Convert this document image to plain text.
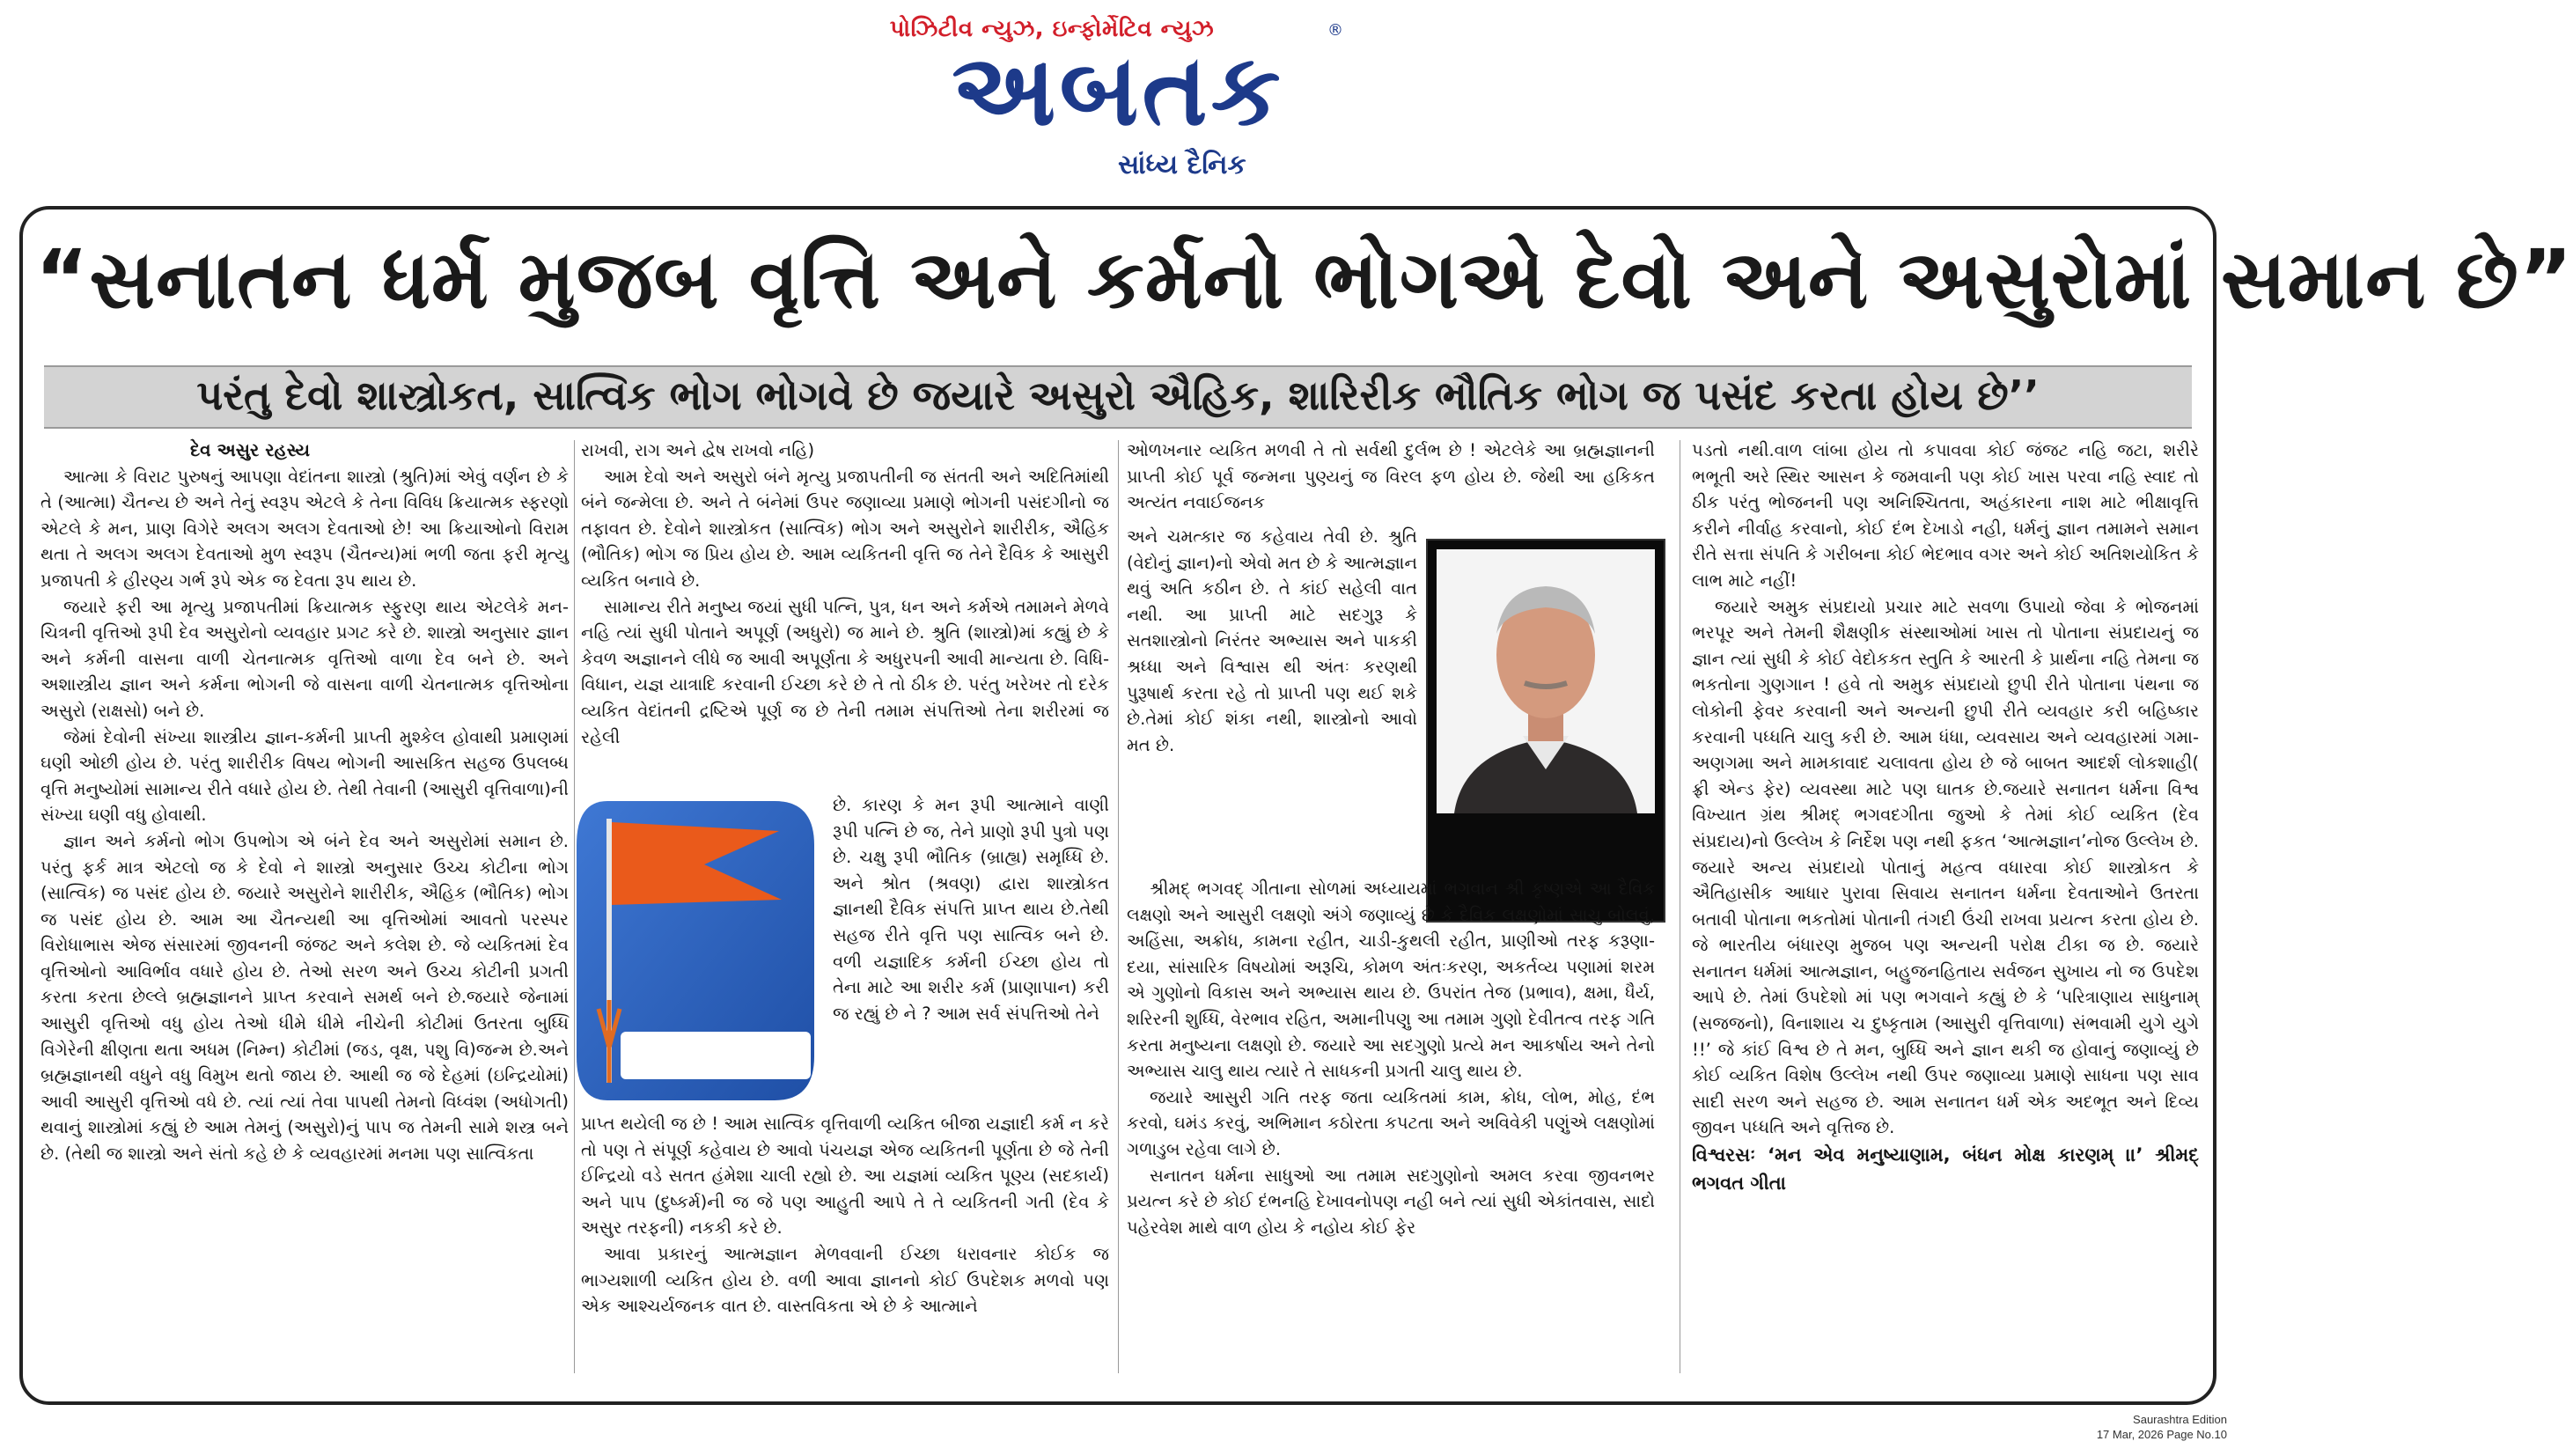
પોઝિટીવ ન્યુઝ, ઇન્ફોર્મેટિવ ન્યુઝ
અબતક
®
સાંધ્ય દૈનિક
“સનાતન ધર્મ મુજબ વૃત્તિ અને કર્મનો ભોગએ દેવો અને અસુરોમાં સમાન છે”
પરંતુ દેવો શાસ્ત્રોકત, સાત્વિક ભોગ ભોગવે છે જયારે અસુરો ઐહિક, શારિરીક ભૌતિક ભોગ જ પસંદ કરતા હોય છે’’

દેવ અસુર રહસ્ય

આત્મા કે વિરાટ પુરુષનું આપણા વેદાંતના શાસ્ત્રો (શ્રુતિ)માં એવું વર્ણન છે કે તે (આત્મા) ચૈતન્ય છે અને તેનું સ્વરૂપ એટલે કે તેના વિવિધ ક્રિયાત્મક સ્ફરણો એટલે કે મન, પ્રાણ વિગેરે અલગ અલગ દેવતાઓ છે! આ ક્રિયાઓનો વિરામ થતા તે અલગ અલગ દેવતાઓ મુળ સ્વરૂપ (ચૈતન્ય)માં ભળી જતા ફરી મૃત્યુ પ્રજાપતી કે હીરણ્ય ગર્ભ રૂપે એક જ દેવતા રૂપ થાય છે.

જયારે ફરી આ મૃત્યુ પ્રજાપતીમાં ક્રિયાત્મક સ્ફુરણ થાય એટલેકે મન-ચિત્રની વૃત્તિઓ રૂપી દેવ અસુરોનો વ્યવહાર પ્રગટ કરે છે. શાસ્ત્રો અનુસાર જ્ઞાન અને કર્મની વાસના વાળી ચેતનાત્મક વૃત્તિઓ વાળા દેવ બને છે. અને અશાસ્ત્રીય જ્ઞાન અને કર્મના ભોગની જે વાસના વાળી ચેતનાત્મક વૃત્તિઓના અસુરો (રાક્ષસો) બને છે.

જેમાં દેવોની સંખ્યા શાસ્ત્રીય જ્ઞાન-કર્મની પ્રાપ્તી મુશ્કેલ હોવાથી પ્રમાણમાં ઘણી ઓછી હોય છે. પરંતુ શારીરીક વિષય ભોગની આસકિત સહજ ઉપલબ્ધ વૃત્તિ મનુષ્યોમાં સામાન્ય રીતે વધારે હોય છે. તેથી તેવાની (આસુરી વૃત્તિવાળા)ની સંખ્યા ઘણી વધુ હોવાથી.

જ્ઞાન અને કર્મનો ભોગ ઉપભોગ એ બંને દેવ અને અસુરોમાં સમાન છે. પરંતુ ફર્ક માત્ર એટલો જ કે દેવો ને શાસ્ત્રો અનુસાર ઉચ્ચ કોટીના ભોગ (સાત્વિક) જ પસંદ હોય છે. જયારે અસુરોને શારીરીક, ઐહિક (ભૌતિક) ભોગ જ પસંદ હોય છે. આમ આ ચૈતન્યથી આ વૃત્તિઓમાં આવતો પરસ્પર વિરોધાભાસ એજ સંસારમાં જીવનની જંજટ અને કલેશ છે. જે વ્યકિતમાં દેવ વૃત્તિઓનો આવિર્ભાવ વધારે હોય છે. તેઓ સરળ અને ઉચ્ચ કોટીની પ્રગતી કરતા કરતા છેલ્લે બ્રહ્મજ્ઞાનને પ્રાપ્ત કરવાને સમર્થ બને છે.જયારે જેનામાં આસુરી વૃત્તિઓ વધુ હોય તેઓ ધીમે ધીમે નીચેની કોટીમાં ઉતરતા બુધ્ધિ વિગેરેની ક્ષીણતા થતા અધમ (નિમ્ન) કોટીમાં (જડ, વૃક્ષ, પશુ વિ)જન્મ છે.અને બ્રહ્મજ્ઞાનથી વધુને વધુ વિમુખ થતો જાય છે. આથી જ જે દેહમાં (ઇન્દ્રિયોમાં) આવી આસુરી વૃત્તિઓ વધે છે. ત્યાં ત્યાં તેવા પાપથી તેમનો વિધ્વંશ (અધોગતી) થવાનું શાસ્ત્રોમાં કહ્યું છે આમ તેમનું (અસુરો)નું પાપ જ તેમની સામે શસ્ત્ર બને છે. (તેથી જ શાસ્ત્રો અને સંતો કહે છે કે વ્યવહારમાં મનમા પણ સાત્વિકતા

રાખવી, રાગ અને દ્વેષ રાખવો નહિ)

આમ દેવો અને અસુરો બંને મૃત્યુ પ્રજાપતીની જ સંતતી અને અદિતિમાંથી બંને જન્મેલા છે. અને તે બંનેમાં ઉપર જણાવ્યા પ્રમાણે ભોગની પસંદગીનો જ તફાવત છે. દેવોને શાસ્ત્રોકત (સાત્વિક) ભોગ અને અસુરોને શારીરીક, ઐહિક (ભૌતિક) ભોગ જ પ્રિય હોય છે. આમ વ્યકિતની વૃત્તિ જ તેને દૈવિક કે આસુરી વ્યકિત બનાવે છે.

સામાન્ય રીતે મનુષ્ય જયાં સુધી પત્નિ, પુત્ર, ધન અને કર્મએ તમામને મેળવે નહિ ત્યાં સુધી પોતાને અપૂર્ણ (અધુરો) જ માને છે. શ્રુતિ (શાસ્ત્રો)માં કહ્યું છે કે કેવળ અજ્ઞાનને લીધે જ આવી અપૂર્ણતા કે અધુરપની આવી માન્યતા છે. વિધિ-વિધાન, યજ્ઞ યાત્રાદિ કરવાની ઈચ્છા કરે છે તે તો ઠીક છે. પરંતુ ખરેખર તો દરેક વ્યકિત વેદાંતની દ્રષ્ટિએ પૂર્ણ જ છે તેની તમામ સંપત્તિઓ તેના શરીરમાં જ રહેલી

છે. કારણ કે મન રૂપી આત્માને વાણી રૂપી પત્નિ છે જ, તેને પ્રાણો રૂપી પુત્રો પણ છે. ચક્ષુ રૂપી ભૌતિક (બ્રાહ્ય) સમૃધ્ધિ છે. અને શ્રોત (શ્રવણ) દ્વારા શાસ્ત્રોકત જ્ઞાનથી દૈવિક સંપત્તિ પ્રાપ્ત થાય છે.તેથી સહજ રીતે વૃત્તિ પણ સાત્વિક બને છે. વળી યજ્ઞાદિક કર્મની ઈચ્છા હોય તો તેના માટે આ શરીર કર્મ (પ્રાણાપાન) કરી જ રહ્યું છે ને ? આમ સર્વ સંપત્તિઓ તેને

પ્રાપ્ત થયેલી જ છે ! આમ સાત્વિક વૃત્તિવાળી વ્યકિત બીજા યજ્ઞાદી કર્મ ન કરે તો પણ તે સંપૂર્ણ કહેવાય છે આવો પંચયજ્ઞ એજ વ્યકિતની પૂર્ણતા છે જે તેની ઈન્દ્રિયો વડે સતત હંમેશા ચાલી રહ્યો છે. આ યજ્ઞમાં વ્યકિત પૂણ્ય (સદકાર્ય) અને પાપ (દુષ્કર્મ)ની જ જે પણ આહુતી આપે તે તે વ્યકિતની ગતી (દેવ કે અસુર તરફની) નકકી કરે છે.

આવા પ્રકારનું આત્મજ્ઞાન મેળવવાની ઈચ્છા ધરાવનાર કોઈક જ ભાગ્યશાળી વ્યકિત હોય છે. વળી આવા જ્ઞાનનો કોઈ ઉપદેશક મળવો પણ એક આશ્ચર્યજનક વાત છે. વાસ્તવિકતા એ છે કે આત્માને

ઓળખનાર વ્યકિત મળવી તે તો સર્વથી દુર્લભ છે ! એટલેકે આ બ્રહ્મજ્ઞાનની પ્રાપ્તી કોઈ પૂર્વ જન્મના પુણ્યનું જ વિરલ ફળ હોય છે. જેથી આ હકિકત અત્યંત નવાઈજનક

અને ચમત્કાર જ કહેવાય તેવી છે. શ્રુતિ (વેદોનું જ્ઞાન)નો એવો મત છે કે આત્મજ્ઞાન થવું અતિ કઠીન છે. તે કાંઈ સહેલી વાત નથી. આ પ્રાપ્તી માટે સદગુરૂ કે સતશાસ્ત્રોનો નિરંતર અભ્યાસ અને પાકકી શ્રધ્ધા અને વિશ્વાસ થી અંતઃ કરણથી પુરૂષાર્થ કરતા રહે તો પ્રાપ્તી પણ થઈ શકે છે.તેમાં કોઈ શંકા નથી, શાસ્ત્રોનો આવો મત છે.

શ્રીમદ્ ભગવદ્ ગીતાના સોળમાં અધ્યાયમાં ભગવાન શ્રી કૃષ્ણએ આ દૈવિક લક્ષણો અને આસુરી લક્ષણો અંગે જણાવ્યું છે કે દૈવિક લક્ષણોમાં સાચુ બોલવું, અહિંસા, અક્રોધ, કામના રહીત, ચાડી-કુથલી રહીત, પ્રાણીઓ તરફ કરૂણા-દયા, સાંસારિક વિષયોમાં અરૂચિ, કોમળ અંતઃકરણ, અકર્તવ્ય પણામાં શરમ એ ગુણોનો વિકાસ અને અભ્યાસ થાય છે. ઉપરાંત તેજ (પ્રભાવ), ક્ષમા, ધૈર્ય, શરિરની શુધ્ધિ, વેરભાવ રહિત, અમાનીપણુ આ તમામ ગુણો દેવીતત્વ તરફ ગતિ કરતા મનુષ્યના લક્ષણો છે. જયારે આ સદગુણો પ્રત્યે મન આકર્ષાય અને તેનો અભ્યાસ ચાલુ થાય ત્યારે તે સાધકની પ્રગતી ચાલુ થાય છે.

જયારે આસુરી ગતિ તરફ જતા વ્યકિતમાં કામ, ક્રોધ, લોભ, મોહ, દંભ કરવો, ઘમંડ કરવું, અભિમાન કઠોરતા કપટતા અને અવિવેકી પણુંએ લક્ષણોમાં ગળાડુબ રહેવા લાગે છે.

સનાતન ધર્મના સાધુઓ આ તમામ સદગુણોનો અમલ કરવા જીવનભર પ્રયત્ન કરે છે કોઈ દંભનહિ દેખાવનોપણ નહી બને ત્યાં સુધી એકાંતવાસ, સાદો પહેરવેશ માથે વાળ હોય કે નહોય કોઈ ફેર

પડતો નથી.વાળ લાંબા હોય તો કપાવવા કોઈ જંજટ નહિ જટા, શરીરે ભભૂતી અરે સ્થિર આસન કે જમવાની પણ કોઈ ખાસ પરવા નહિ સ્વાદ તો ઠીક પરંતુ ભોજનની પણ અનિશ્ચિતતા, અહંકારના નાશ માટે ભીક્ષાવૃત્તિ કરીને નીર્વાહ કરવાનો, કોઈ દંભ દેખાડો નહી, ધર્મનું જ્ઞાન તમામને સમાન રીતે સત્તા સંપતિ કે ગરીબના કોઈ ભેદભાવ વગર અને કોઈ અતિશયોકિત કે લાભ માટે નહીં!

જયારે અમુક સંપ્રદાયો પ્રચાર માટે સવળા ઉપાયો જેવા કે ભોજનમાં ભરપૂર અને તેમની શૈક્ષણીક સંસ્થાઓમાં ખાસ તો પોતાના સંપ્રદાયનું જ જ્ઞાન ત્યાં સુધી કે કોઈ વેદોકકત સ્તુતિ કે આરતી કે પ્રાર્થના નહિ તેમના જ ભકતોના ગુણગાન ! હવે તો અમુક સંપ્રદાયો છુપી રીતે પોતાના પંથના જ લોકોની ફેવર કરવાની અને અન્યની છુપી રીતે વ્યવહાર કરી બહિષ્કાર કરવાની પધ્ધતિ ચાલુ કરી છે. આમ ધંધા, વ્યવસાય અને વ્યવહારમાં ગમા-અણગમા અને મામકાવાદ ચલાવતા હોય છે જે બાબત આદર્શ લોકશાહી( ફ્રી એન્ડ ફેર) વ્યવસ્થા માટે પણ ઘાતક છે.જયારે સનાતન ધર્મના વિશ્વ વિખ્યાત ગ્રંથ શ્રીમદ્ ભગવદગીતા જુઓ કે તેમાં કોઈ વ્યકિત (દેવ સંપ્રદાય)નો ઉલ્લેખ કે નિર્દેશ પણ નથી ફકત ‘આત્મજ્ઞાન’નોજ ઉલ્લેખ છે. જયારે અન્ય સંપ્રદાયો પોતાનું મહત્વ વધારવા કોઈ શાસ્ત્રોકત કે ઐતિહાસીક આધાર પુરાવા સિવાય સનાતન ધર્મના દેવતાઓને ઉતરતા બતાવી પોતાના ભકતોમાં પોતાની તંગદી ઉંચી રાખવા પ્રયત્ન કરતા હોય છે. જે ભારતીય બંધારણ મુજબ પણ અન્યની પરોક્ષ ટીકા જ છે. જયારે સનાતન ધર્મમાં આત્મજ્ઞાન, બહુજનહિતાય સર્વજન સુખાય નો જ ઉપદેશ આપે છે. તેમાં ઉપદેશો માં પણ ભગવાને કહ્યું છે કે ‘પરિત્રાણાય સાધુનામ્ (સજજનો), વિનાશાય ચ દુષ્કૃતામ (આસુરી વૃત્તિવાળા) સંભવામી યુગે યુગે !!’ જે કાંઈ વિશ્વ છે તે મન, બુધ્ધિ અને જ્ઞાન થકી જ હોવાનું જણાવ્યું છે કોઈ વ્યકિત વિશેષ ઉલ્લેખ નથી ઉપર જણાવ્યા પ્રમાણે સાધના પણ સાવ સાદી સરળ અને સહજ છે. આમ સનાતન ધર્મ એક અદભૂત અને દિવ્ય જીવન પધ્ધતિ અને વૃત્તિજ છે.

વિશ્વરસઃ ‘મન એવ મનુષ્યાણામ, બંધન મોક્ષ કારણમ્ ।।’ શ્રીમદ્ ભગવત ગીતા

Saurashtra Edition
17 Mar, 2026 Page No.10
